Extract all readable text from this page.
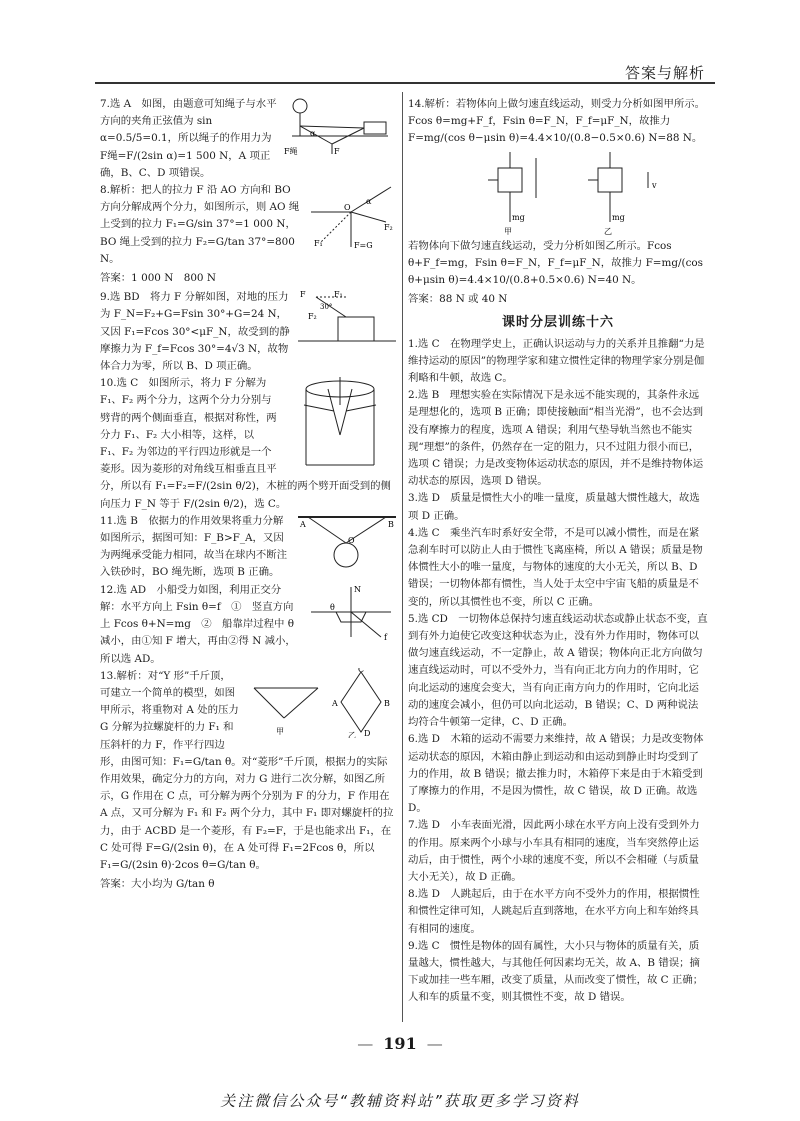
答案与解析
F
α
F绳

7.选 A　如图，由题意可知绳子与水平方向的夹角正弦值为 sin α=0.5/5=0.1，所以绳子的作用力为 F绳=F/(2sin α)=1 500 N，A 项正确，B、C、D 项错误。

O
α
F₂
F₁	F=G

8.解析：把人的拉力 F 沿 AO 方向和 BO 方向分解成两个分力，如图所示，则 AO 绳上受到的拉力 F₁=G/sin 37°=1 000 N，BO 绳上受到的拉力 F₂=G/tan 37°=800 N。

答案：1 000 N　800 N

F₁
F₂
30°
F

9.选 BD　将力 F 分解如图，对地的压力为 F_N=F₂+G=Fsin 30°+G=24 N，又因 F₁=Fcos 30°<μF_N，故受到的静摩擦力为 F_f=Fcos 30°=4√3 N，故物体合力为零，所以 B、D 项正确。

10.选 C　如图所示，将力 F 分解为 F₁、F₂ 两个分力，这两个分力分别与劈背的两个侧面垂直，根据对称性，两分力 F₁、F₂ 大小相等，这样，以 F₁、F₂ 为邻边的平行四边形就是一个菱形。因为菱形的对角线互相垂直且平分，所以有 F₁=F₂=F/(2sin θ/2)，木桩的两个劈开面受到的侧向压力 F_N 等于 F/(2sin θ/2)，选 C。

A	B
O

11.选 B　依据力的作用效果将重力分解如图所示，据图可知：F_B>F_A，又因为两绳承受能力相同，故当在球内不断注入铁砂时，BO 绳先断，选项 B 正确。

N
θ
f

12.选 AD　小船受力如图，利用正交分解：水平方向上 Fsin θ=f　①　竖直方向上 Fcos θ+N=mg　②　船靠岸过程中 θ 减小，由①知 F 增大，再由②得 N 减小，所以选 AD。

甲
C
A	B
D
乙

13.解析：对“Y 形”千斤顶，可建立一个简单的模型，如图甲所示，将重物对 A 处的压力 G 分解为拉螺旋杆的力 F₁ 和压斜杆的力 F，作平行四边形，由图可知：F₁=G/tan θ。对“菱形”千斤顶，根据力的实际作用效果，确定分力的方向，对力 G 进行二次分解，如图乙所示，G 作用在 C 点，可分解为两个分别为 F 的分力，F 作用在 A 点，又可分解为 F₁ 和 F₂ 两个分力，其中 F₁ 即对螺旋杆的拉力，由于 ACBD 是一个菱形，有 F₂=F，于是也能求出 F₁，在 C 处可得 F=G/(2sin θ)，在 A 处可得 F₁=2Fcos θ，所以 F₁=G/(2sin θ)·2cos θ=G/tan θ。

答案：大小均为 G/tan θ

14.解析：若物体向上做匀速直线运动，则受力分析如图甲所示。Fcos θ=mg+F_f，Fsin θ=F_N，F_f=μF_N，故推力 F=mg/(cos θ−μsin θ)=4.4×10/(0.8−0.5×0.6) N=88 N。

甲
mg
v
乙
mg

若物体向下做匀速直线运动，受力分析如图乙所示。Fcos θ+F_f=mg，Fsin θ=F_N，F_f=μF_N，故推力 F=mg/(cos θ+μsin θ)=4.4×10/(0.8+0.5×0.6) N=40 N。

答案：88 N 或 40 N

课时分层训练十六

1.选 C　在物理学史上，正确认识运动与力的关系并且推翻“力是维持运动的原因”的物理学家和建立惯性定律的物理学家分别是伽利略和牛顿，故选 C。

2.选 B　理想实验在实际情况下是永远不能实现的，其条件永远是理想化的，选项 B 正确；即使接触面“相当光滑”，也不会达到没有摩擦力的程度，选项 A 错误；利用气垫导轨当然也不能实现“理想”的条件，仍然存在一定的阻力，只不过阻力很小而已，选项 C 错误；力是改变物体运动状态的原因，并不是维持物体运动状态的原因，选项 D 错误。

3.选 D　质量是惯性大小的唯一量度，质量越大惯性越大，故选项 D 正确。

4.选 C　乘坐汽车时系好安全带，不是可以减小惯性，而是在紧急刹车时可以防止人由于惯性飞离座椅，所以 A 错误；质量是物体惯性大小的唯一量度，与物体的速度的大小无关，所以 B、D 错误；一切物体都有惯性，当人处于太空中宇宙飞船的质量是不变的，所以其惯性也不变，所以 C 正确。

5.选 CD　一切物体总保持匀速直线运动状态或静止状态不变，直到有外力迫使它改变这种状态为止，没有外力作用时，物体可以做匀速直线运动，不一定静止，故 A 错误；物体向正北方向做匀速直线运动时，可以不受外力，当有向正北方向力的作用时，它向北运动的速度会变大，当有向正南方向力的作用时，它向北运动的速度会减小，但仍可以向北运动，B 错误；C、D 两种说法均符合牛顿第一定律，C、D 正确。

6.选 D　木箱的运动不需要力来维持，故 A 错误；力是改变物体运动状态的原因，木箱由静止到运动和由运动到静止时均受到了力的作用，故 B 错误；撤去推力时，木箱停下来是由于木箱受到了摩擦力的作用，不是因为惯性，故 C 错误，故 D 正确。故选 D。

7.选 D　小车表面光滑，因此两小球在水平方向上没有受到外力的作用。原来两个小球与小车具有相同的速度，当车突然停止运动后，由于惯性，两个小球的速度不变，所以不会相碰（与质量大小无关），故 D 正确。

8.选 D　人跳起后，由于在水平方向不受外力的作用，根据惯性和惯性定律可知，人跳起后直到落地，在水平方向上和车始终具有相同的速度。

9.选 C　惯性是物体的固有属性，大小只与物体的质量有关，质量越大，惯性越大，与其他任何因素均无关，故 A、B 错误；摘下或加挂一些车厢，改变了质量，从而改变了惯性，故 C 正确；人和车的质量不变，则其惯性不变，故 D 错误。

— 191 —
关注微信公众号“教辅资料站”获取更多学习资料
